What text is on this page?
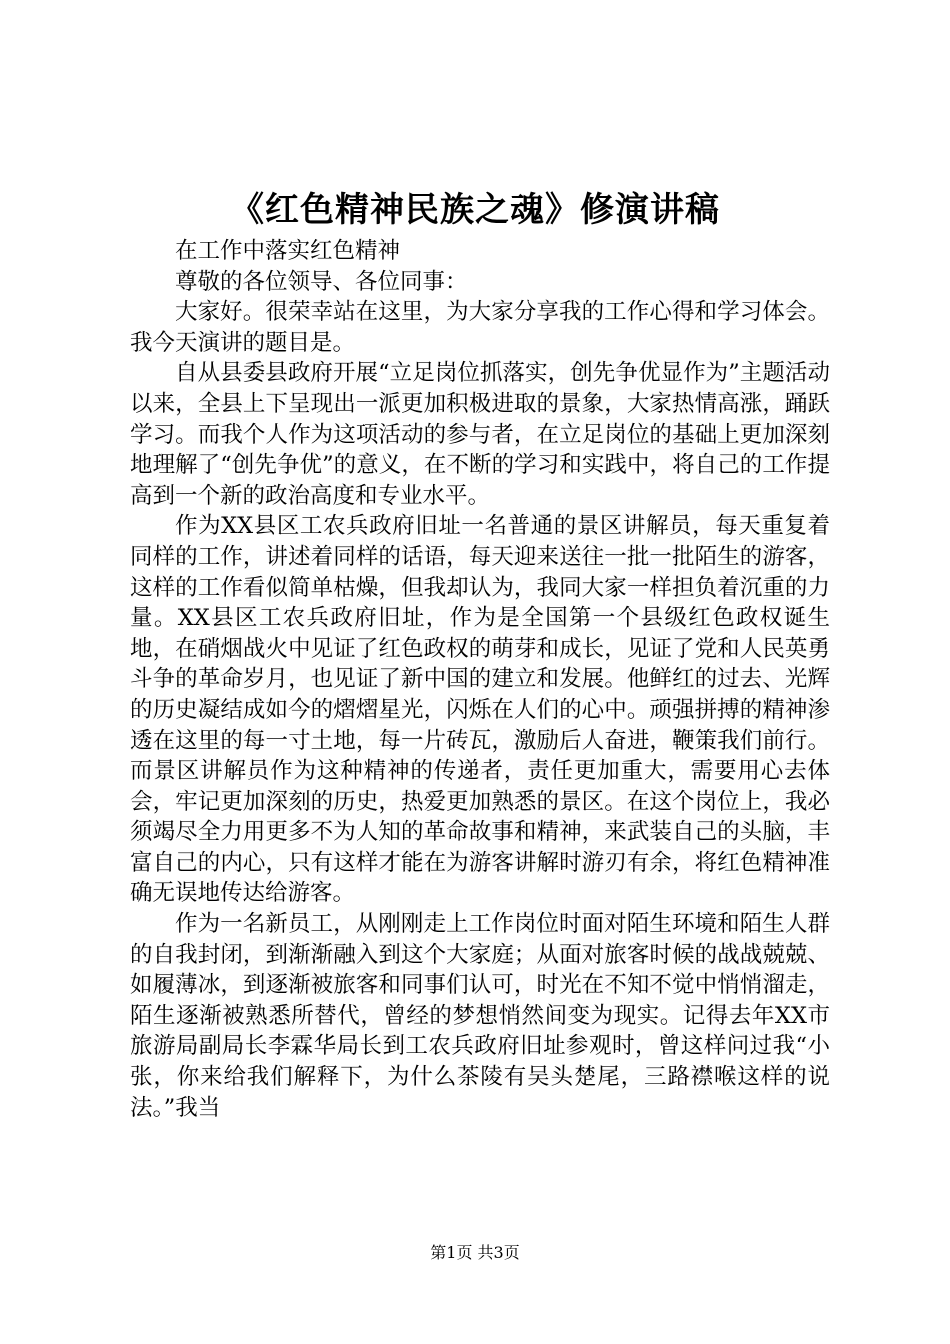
《红色精神民族之魂》修演讲稿

在工作中落实红色精神

尊敬的各位领导、各位同事：

大家好。很荣幸站在这里，为大家分享我的工作心得和学习体会。我今天演讲的题目是。

自从县委县政府开展“立足岗位抓落实，创先争优显作为”主题活动以来，全县上下呈现出一派更加积极进取的景象，大家热情高涨，踊跃学习。而我个人作为这项活动的参与者，在立足岗位的基础上更加深刻地理解了“创先争优”的意义，在不断的学习和实践中，将自己的工作提高到一个新的政治高度和专业水平。

作为XX县区工农兵政府旧址一名普通的景区讲解员，每天重复着同样的工作，讲述着同样的话语，每天迎来送往一批一批陌生的游客，这样的工作看似简单枯燥，但我却认为，我同大家一样担负着沉重的力量。XX县区工农兵政府旧址，作为是全国第一个县级红色政权诞生地，在硝烟战火中见证了红色政权的萌芽和成长，见证了党和人民英勇斗争的革命岁月，也见证了新中国的建立和发展。他鲜红的过去、光辉的历史凝结成如今的熠熠星光，闪烁在人们的心中。顽强拼搏的精神渗透在这里的每一寸土地，每一片砖瓦，激励后人奋进，鞭策我们前行。而景区讲解员作为这种精神的传递者，责任更加重大，需要用心去体会，牢记更加深刻的历史，热爱更加熟悉的景区。在这个岗位上，我必须竭尽全力用更多不为人知的革命故事和精神，来武装自己的头脑，丰富自己的内心，只有这样才能在为游客讲解时游刃有余，将红色精神准确无误地传达给游客。

作为一名新员工，从刚刚走上工作岗位时面对陌生环境和陌生人群的自我封闭，到渐渐融入到这个大家庭；从面对旅客时候的战战兢兢、如履薄冰，到逐渐被旅客和同事们认可，时光在不知不觉中悄悄溜走，陌生逐渐被熟悉所替代，曾经的梦想悄然间变为现实。记得去年XX市旅游局副局长李霖华局长到工农兵政府旧址参观时，曾这样问过我“小张，你来给我们解释下，为什么茶陵有吴头楚尾，三路襟喉这样的说法。”我当

第1页 共3页
